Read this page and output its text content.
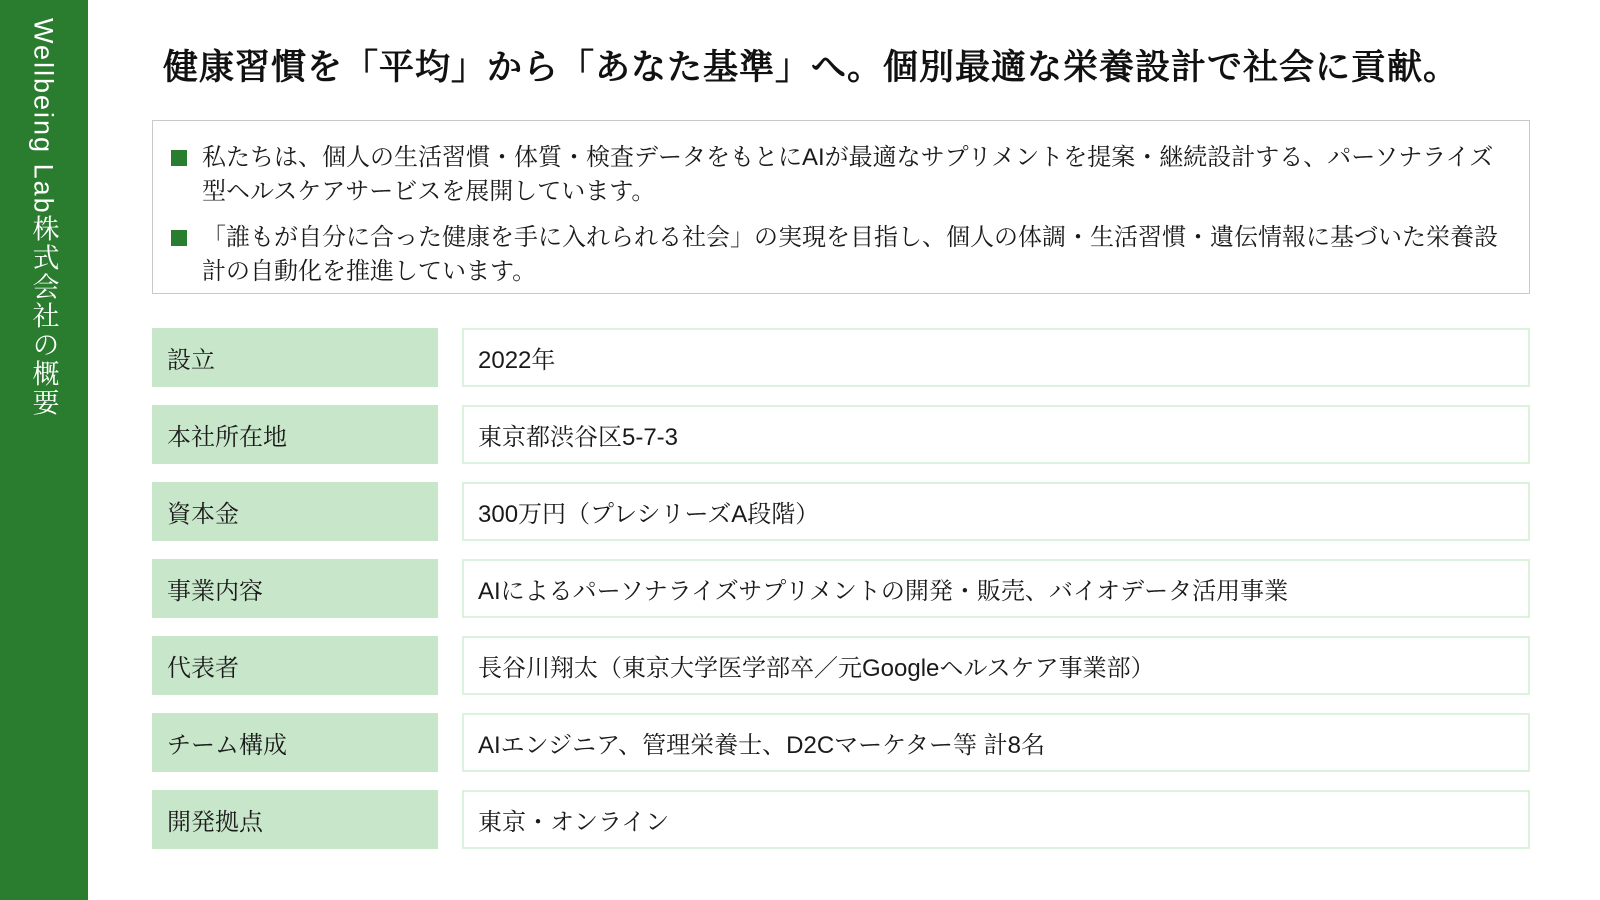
Wellbeing Lab株式会社の概要	健康習慣を「平均」から「あなた基準」へ。個別最適な栄養設計で社会に貢献。
私たちは、個人の生活習慣・体質・検査データをもとにAIが最適なサプリメントを提案・継続設計する、パーソナライズ型ヘルスケアサービスを展開しています。
「誰もが自分に合った健康を手に入れられる社会」の実現を目指し、個人の体調・生活習慣・遺伝情報に基づいた栄養設計の自動化を推進しています。
設立	2022年
本社所在地	東京都渋谷区5-7-3
資本金	300万円（プレシリーズA段階）
事業内容	AIによるパーソナライズサプリメントの開発・販売、バイオデータ活用事業
代表者	長谷川翔太（東京大学医学部卒／元Googleヘルスケア事業部）
チーム構成	AIエンジニア、管理栄養士、D2Cマーケター等 計8名
開発拠点	東京・オンライン
